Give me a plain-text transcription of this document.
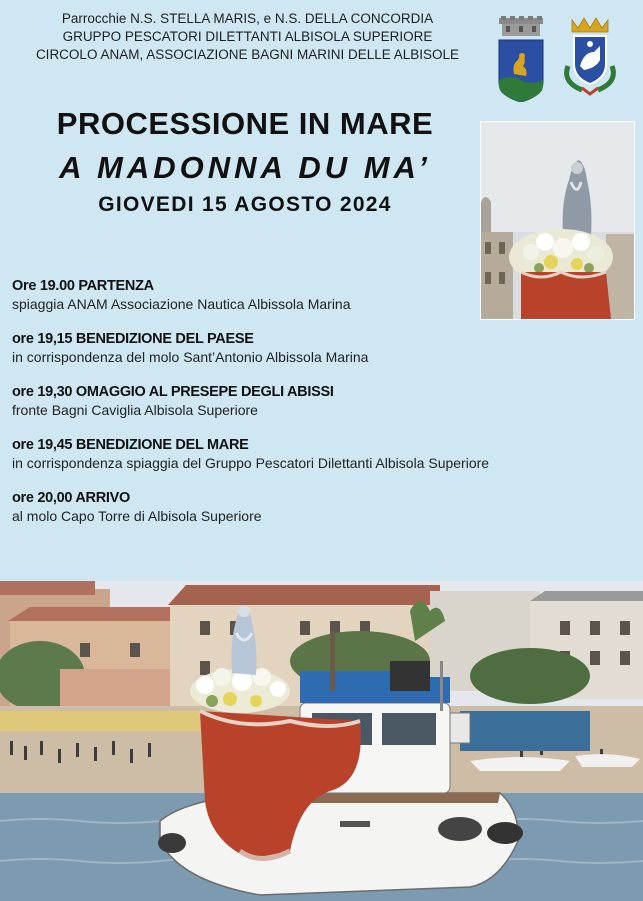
Parrocchie N.S. STELLA MARIS, e N.S. DELLA CONCORDIA
GRUPPO PESCATORI DILETTANTI ALBISOLA SUPERIORE
CIRCOLO ANAM, ASSOCIAZIONE BAGNI MARINI DELLE ALBISOLE
PROCESSIONE IN MARE
A MADONNA DU MA’
GIOVEDI 15 AGOSTO 2024
Ore 19.00 PARTENZA
spiaggia ANAM Associazione Nautica Albissola Marina
ore 19,15 BENEDIZIONE DEL PAESE
in corrispondenza del molo Sant’Antonio Albissola Marina
ore 19,30 OMAGGIO AL PRESEPE DEGLI ABISSI
fronte Bagni Caviglia Albisola Superiore
ore 19,45 BENEDIZIONE DEL MARE
in corrispondenza spiaggia del Gruppo Pescatori Dilettanti Albisola Superiore
ore 20,00 ARRIVO
al molo Capo Torre di Albisola Superiore
